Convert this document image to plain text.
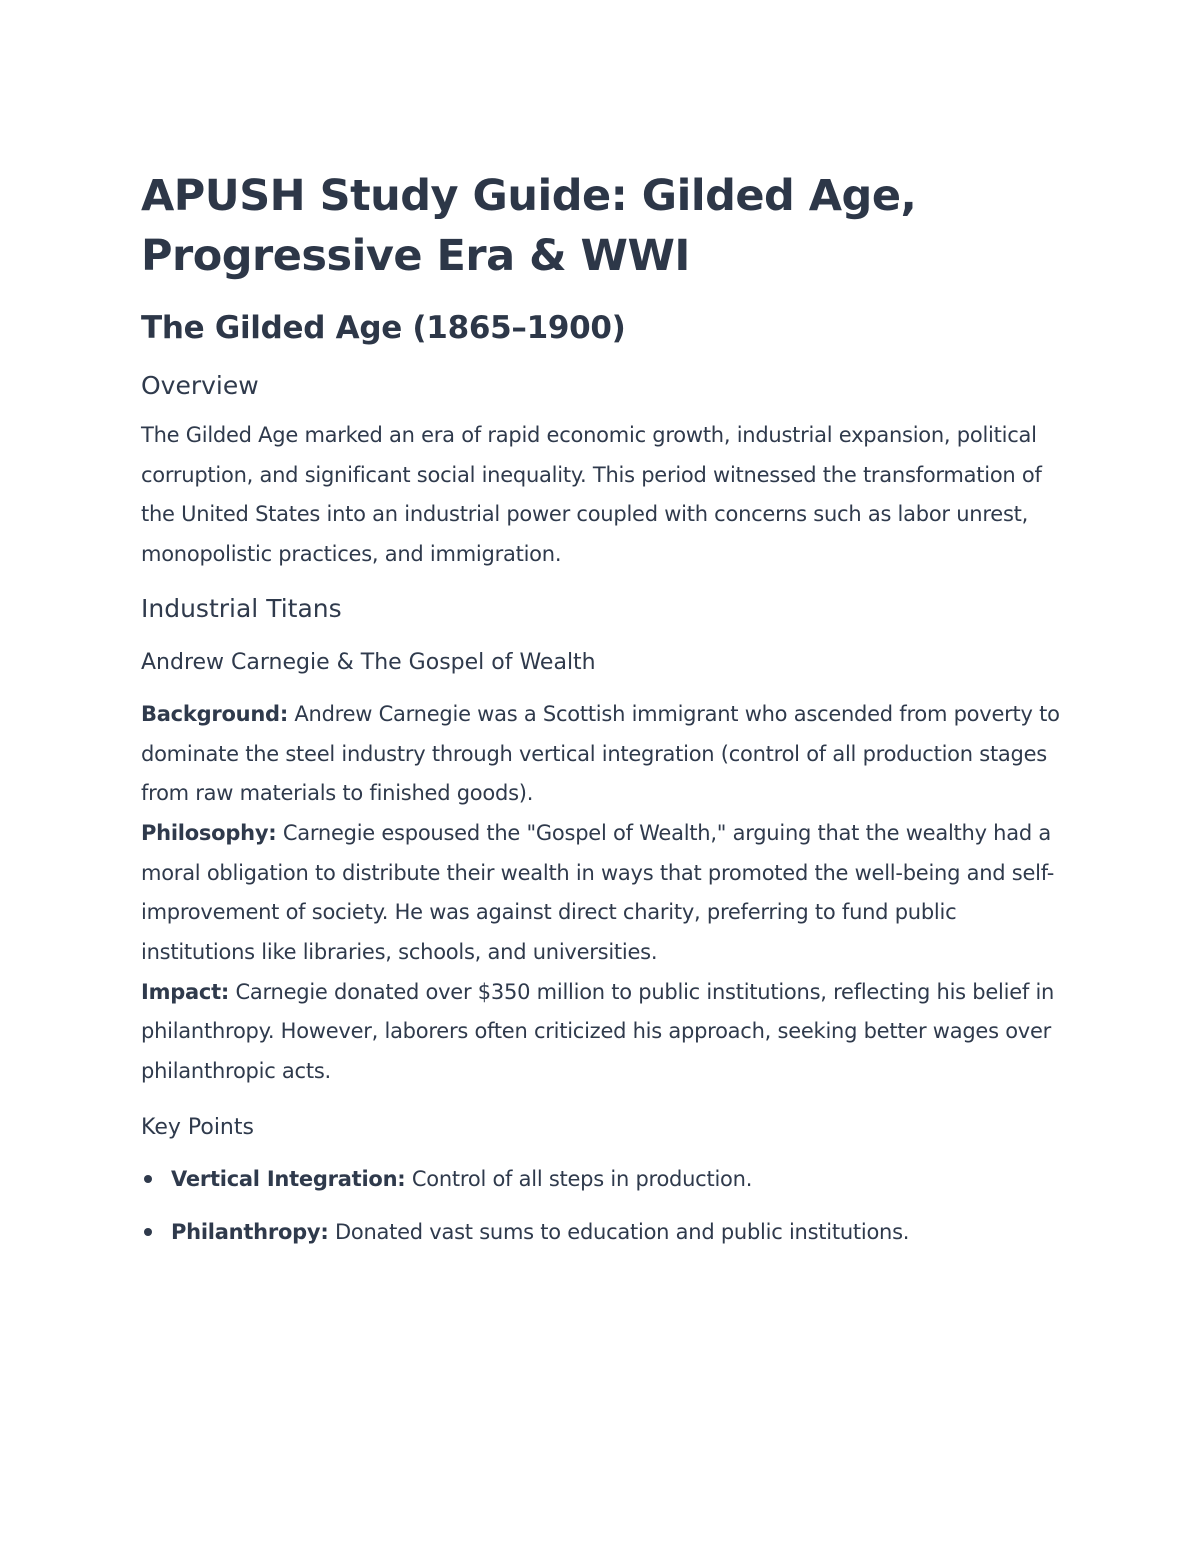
APUSH Study Guide: Gilded Age,
Progressive Era & WWI
The Gilded Age (1865–1900)
Overview

The Gilded Age marked an era of rapid economic growth, industrial expansion, political corruption, and significant social inequality. This period witnessed the transformation of the United States into an industrial power coupled with concerns such as labor unrest, monopolistic practices, and immigration.

Industrial Titans
Andrew Carnegie & The Gospel of Wealth

Background: Andrew Carnegie was a Scottish immigrant who ascended from poverty to dominate the steel industry through vertical integration (control of all production stages from raw materials to finished goods).
Philosophy: Carnegie espoused the "Gospel of Wealth," arguing that the wealthy had a moral obligation to distribute their wealth in ways that promoted the well-being and self-improvement of society. He was against direct charity, preferring to fund public institutions like libraries, schools, and universities.
Impact: Carnegie donated over $350 million to public institutions, reflecting his belief in philanthropy. However, laborers often criticized his approach, seeking better wages over philanthropic acts.

Key Points
Vertical Integration: Control of all steps in production.
Philanthropy: Donated vast sums to education and public institutions.
